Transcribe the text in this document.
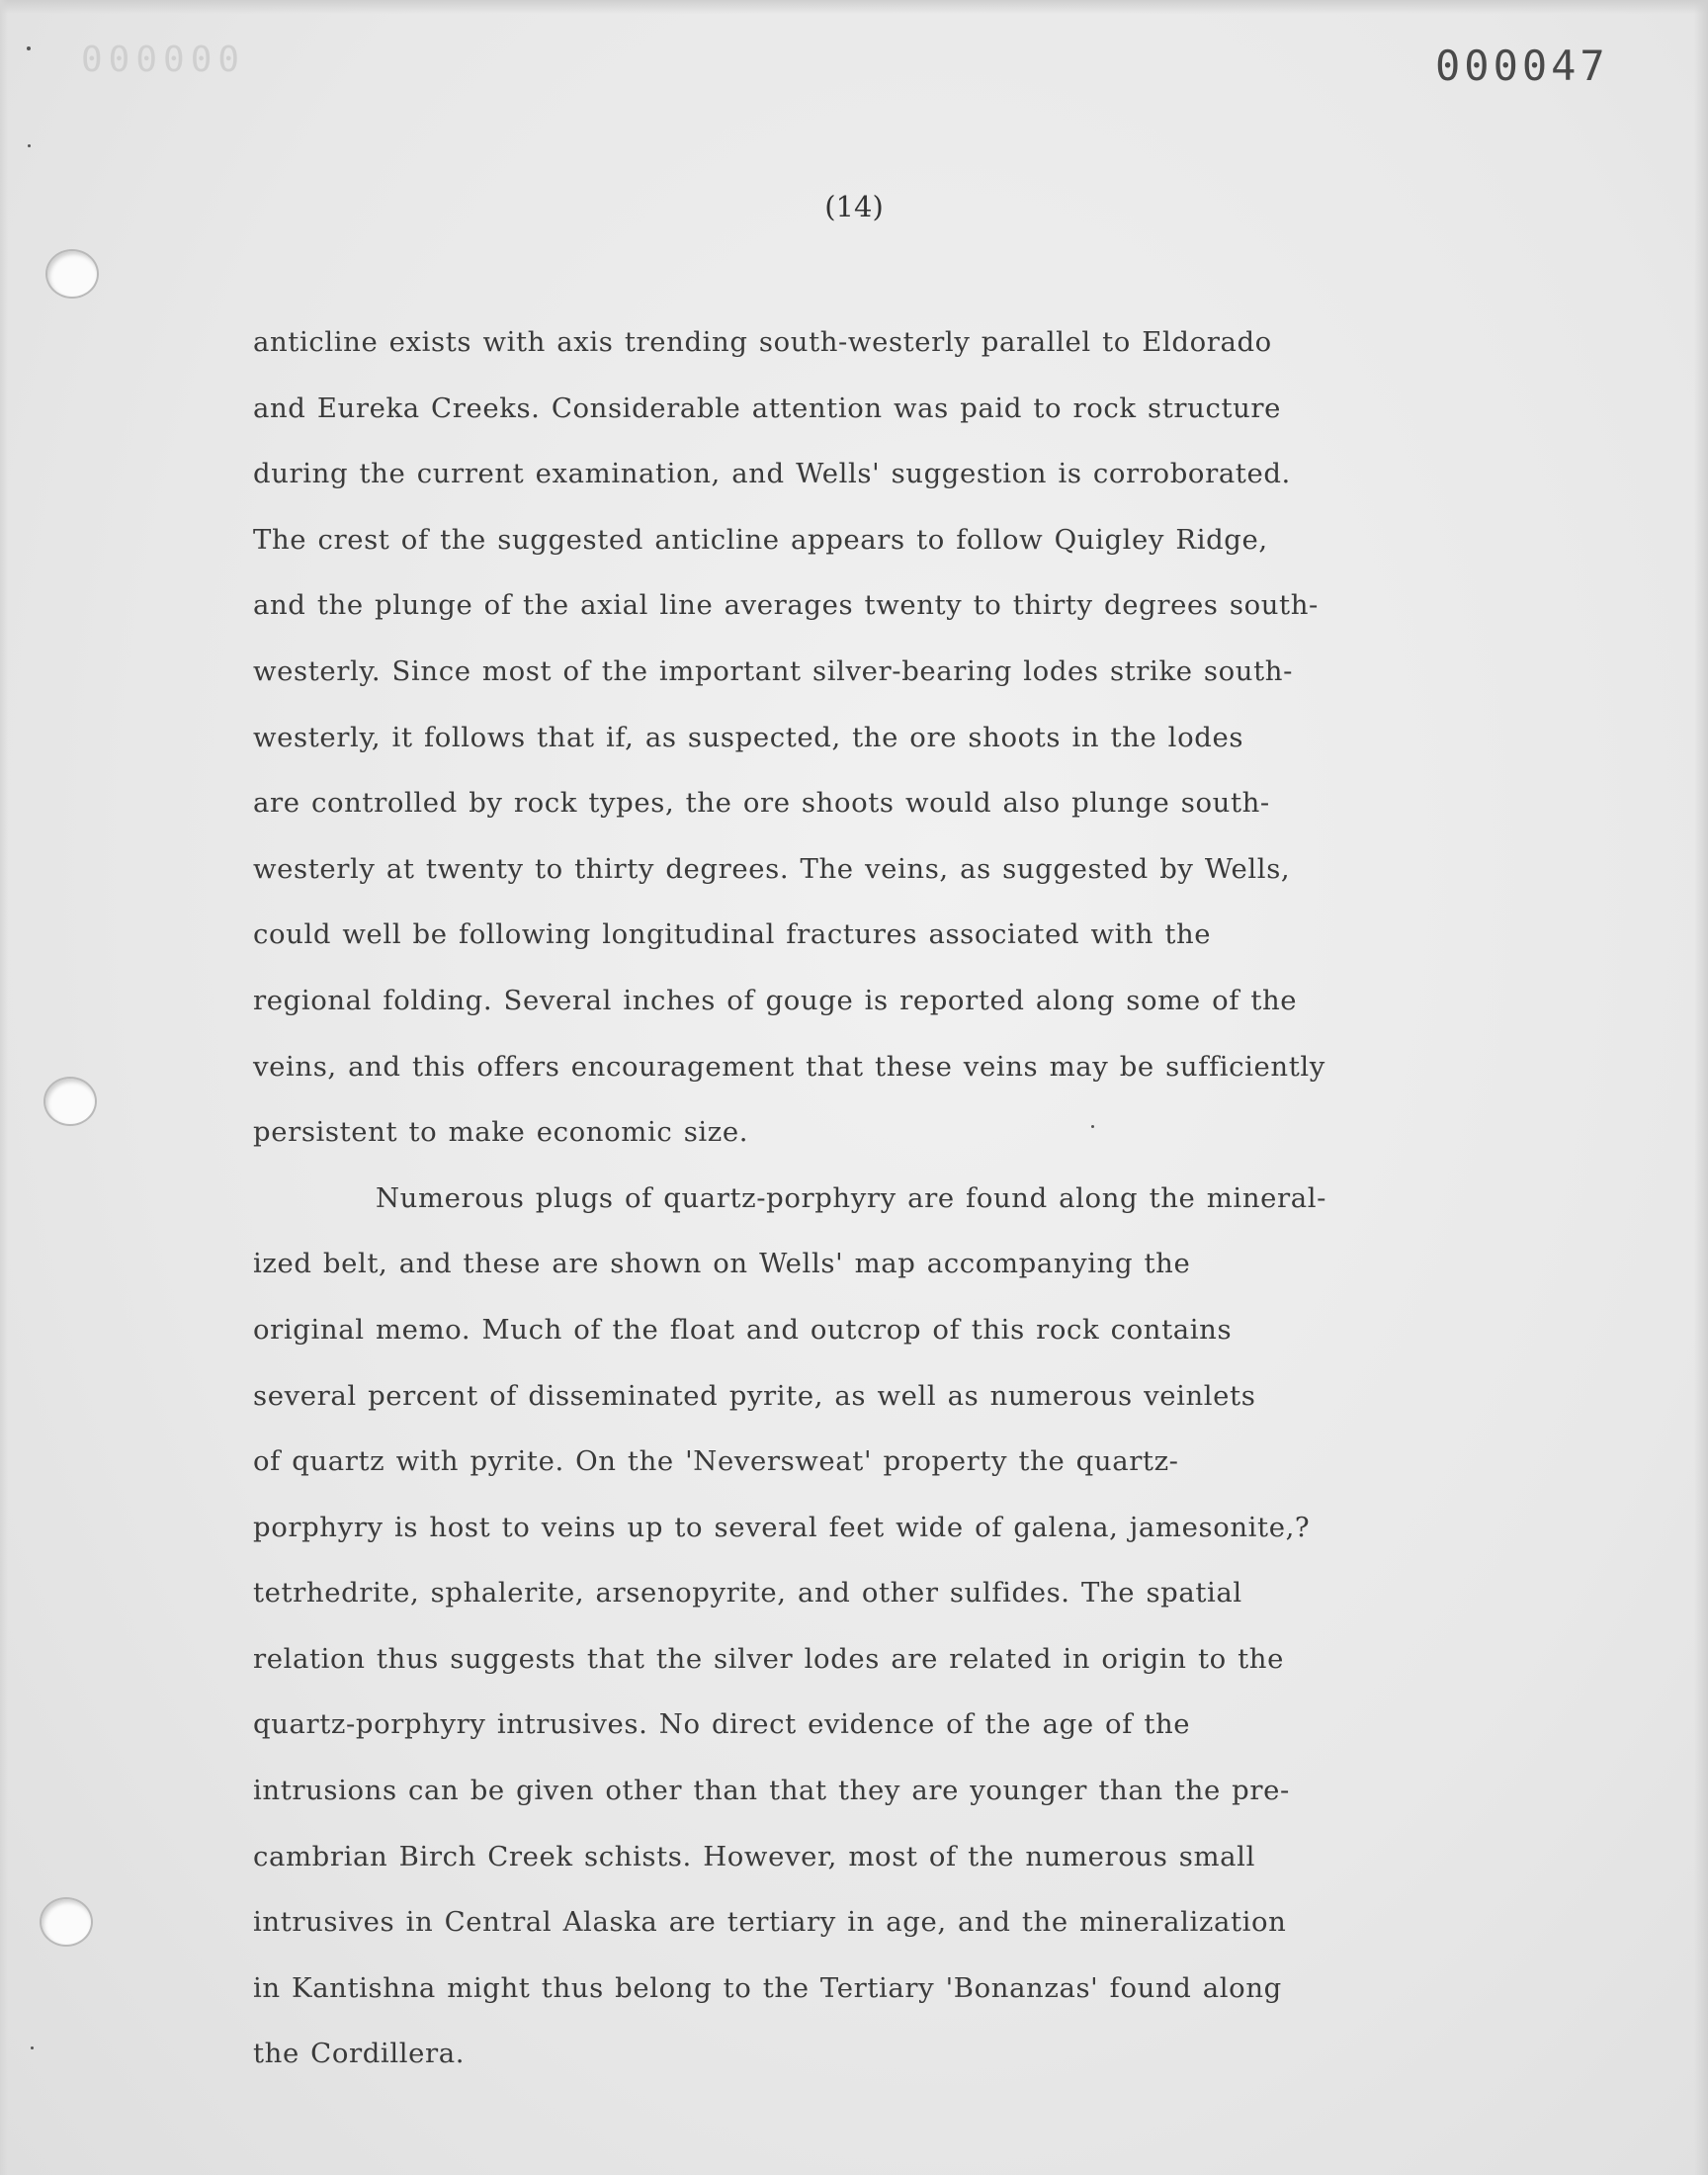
000000	000047
(14)
anticline exists with axis trending south-westerly parallel to Eldorado
and Eureka Creeks. Considerable attention was paid to rock structure
during the current examination, and Wells' suggestion is corroborated.
The crest of the suggested anticline appears to follow Quigley Ridge,
and the plunge of the axial line averages twenty to thirty degrees south-
westerly. Since most of the important silver-bearing lodes strike south-
westerly, it follows that if, as suspected, the ore shoots in the lodes
are controlled by rock types, the ore shoots would also plunge south-
westerly at twenty to thirty degrees. The veins, as suggested by Wells,
could well be following longitudinal fractures associated with the
regional folding. Several inches of gouge is reported along some of the
veins, and this offers encouragement that these veins may be sufficiently
persistent to make economic size.
Numerous plugs of quartz-porphyry are found along the mineral-
ized belt, and these are shown on Wells' map accompanying the
original memo. Much of the float and outcrop of this rock contains
several percent of disseminated pyrite, as well as numerous veinlets
of quartz with pyrite. On the 'Neversweat' property the quartz-
porphyry is host to veins up to several feet wide of galena, jamesonite,?
tetrhedrite, sphalerite, arsenopyrite, and other sulfides. The spatial
relation thus suggests that the silver lodes are related in origin to the
quartz-porphyry intrusives. No direct evidence of the age of the
intrusions can be given other than that they are younger than the pre-
cambrian Birch Creek schists. However, most of the numerous small
intrusives in Central Alaska are tertiary in age, and the mineralization
in Kantishna might thus belong to the Tertiary 'Bonanzas' found along
the Cordillera.
